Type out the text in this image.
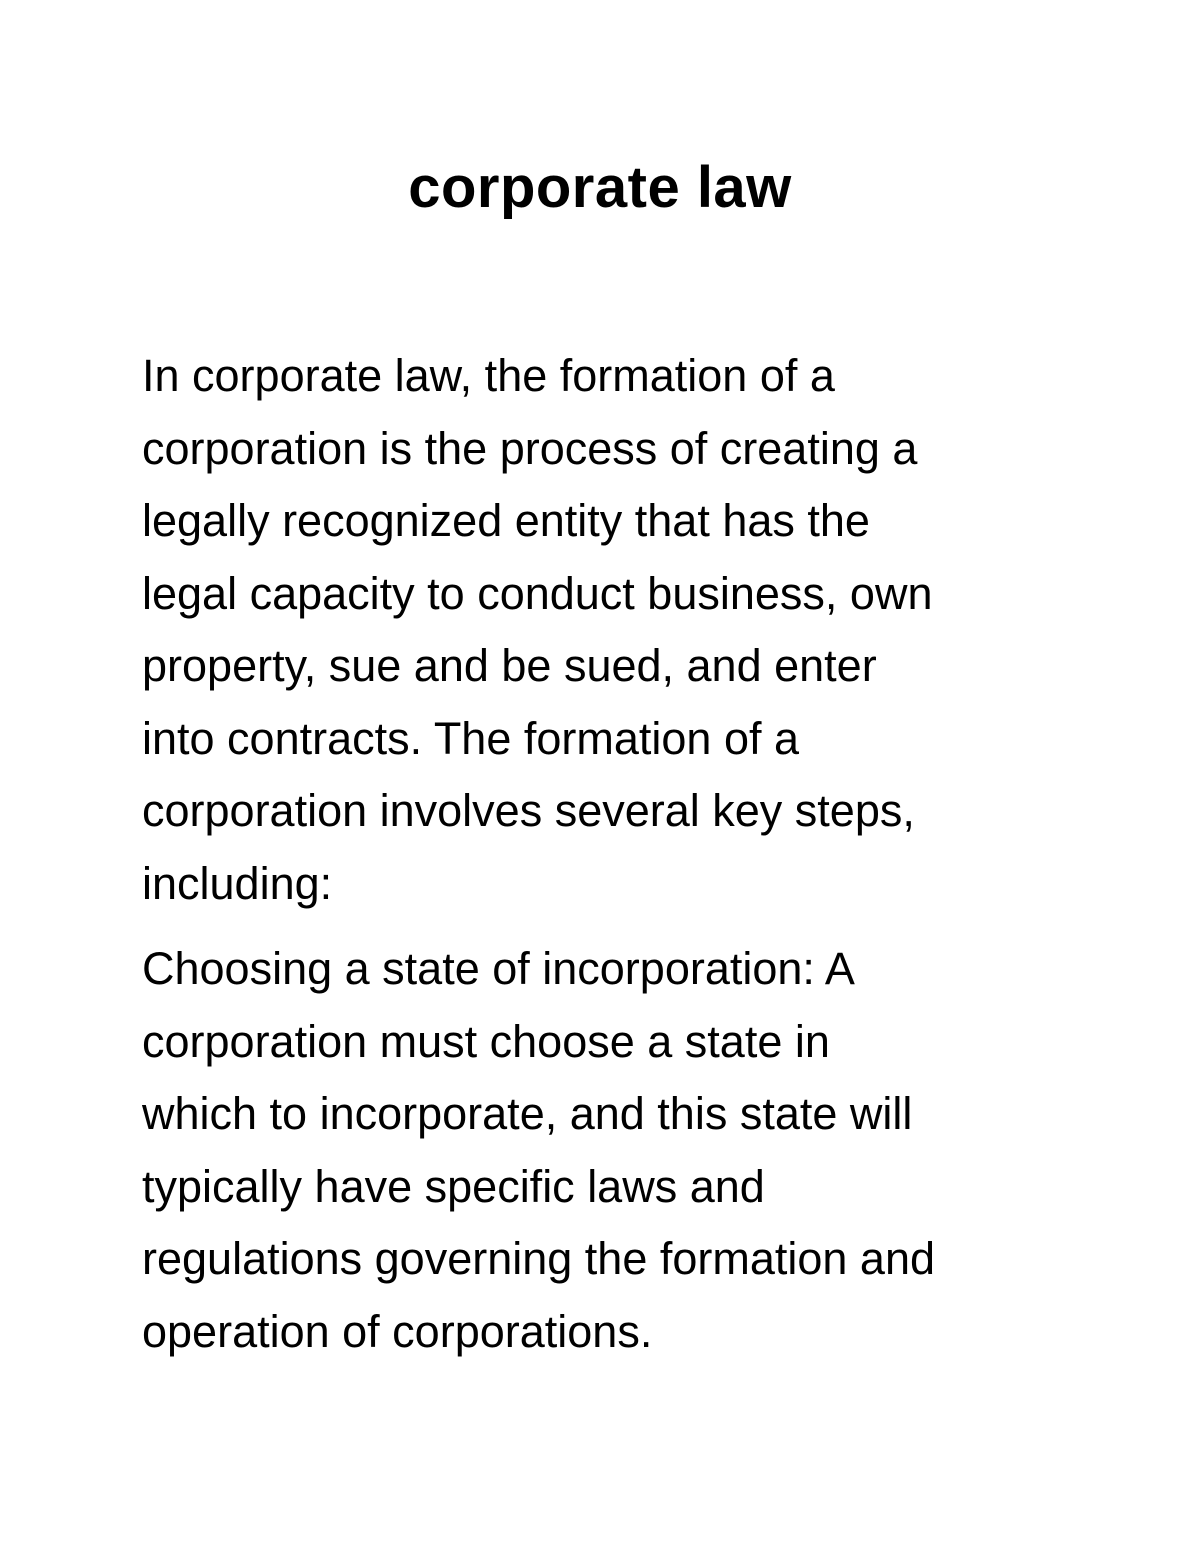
corporate law

In corporate law, the formation of a
corporation is the process of creating a
legally recognized entity that has the
legal capacity to conduct business, own
property, sue and be sued, and enter
into contracts. The formation of a
corporation involves several key steps,
including:

Choosing a state of incorporation: A
corporation must choose a state in
which to incorporate, and this state will
typically have specific laws and
regulations governing the formation and
operation of corporations.
